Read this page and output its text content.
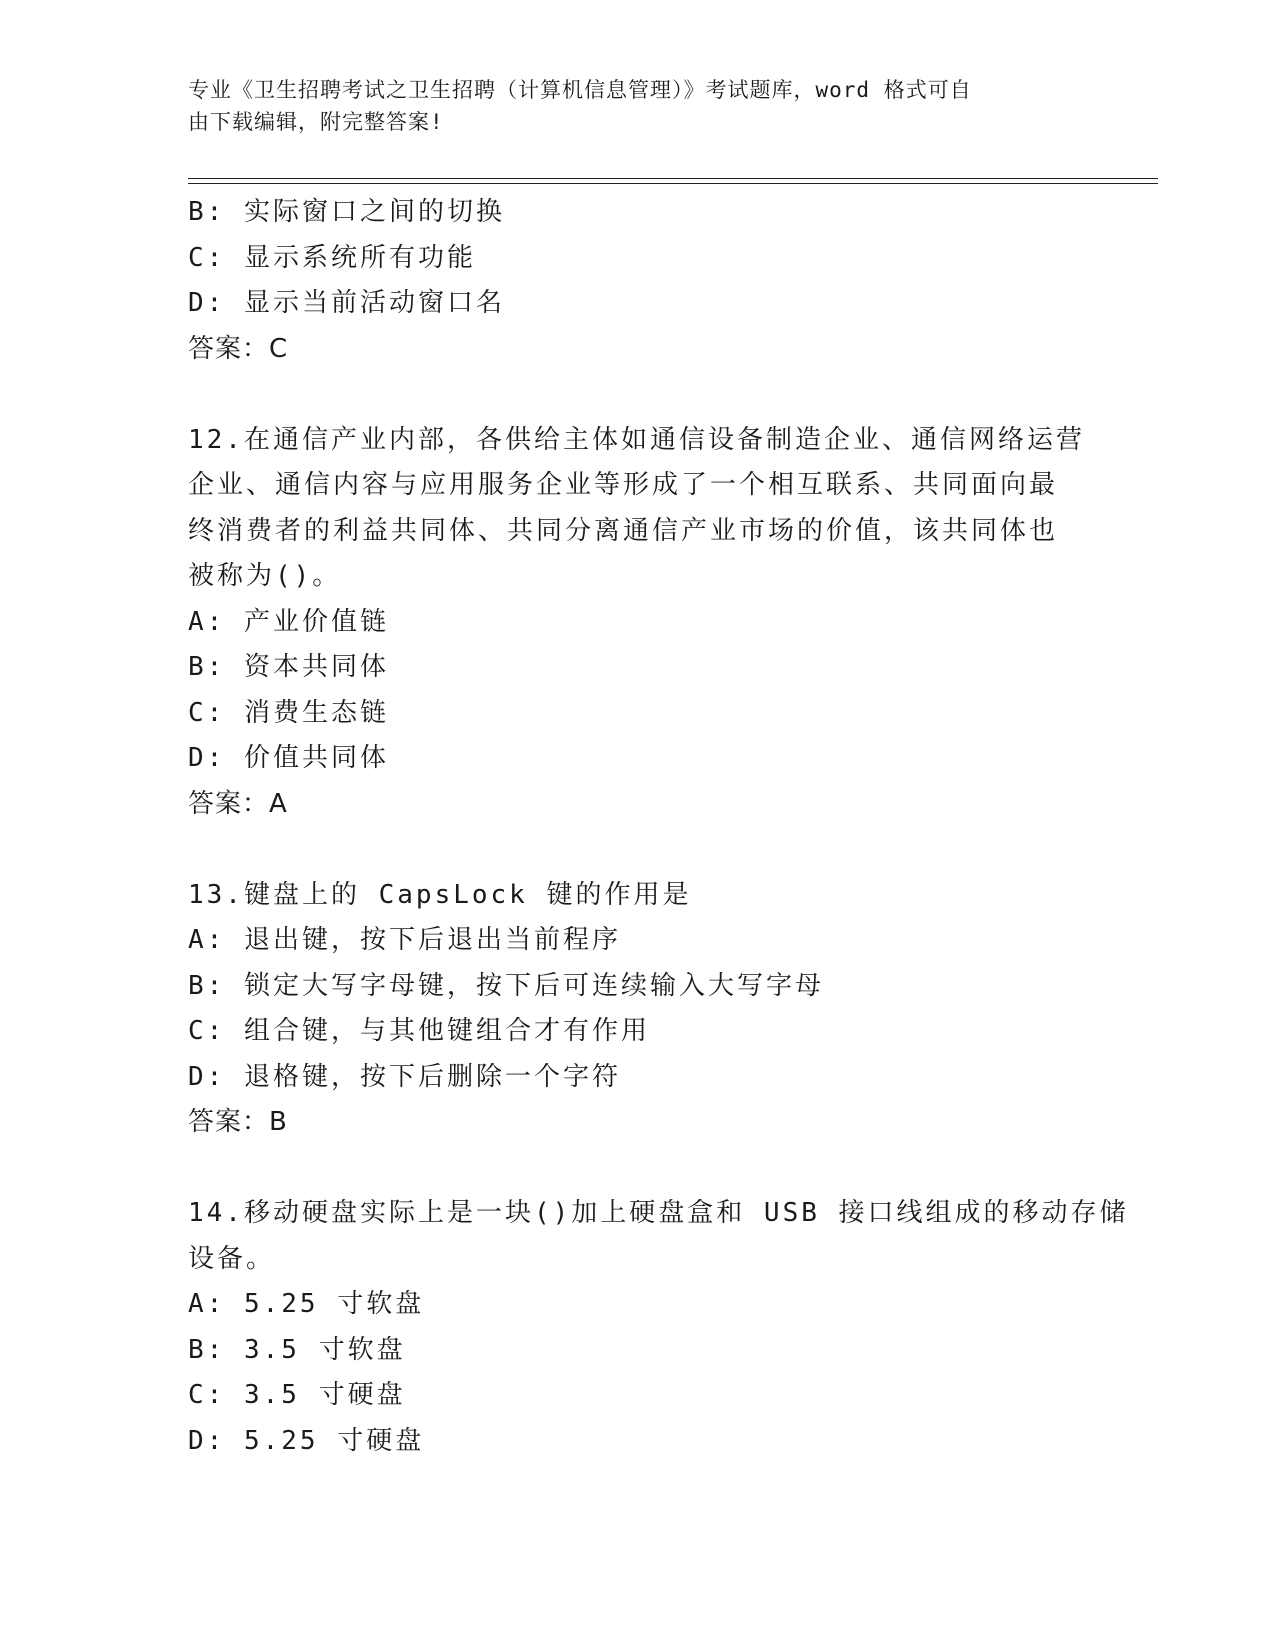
专业《卫生招聘考试之卫生招聘（计算机信息管理）》考试题库，word 格式可自
由下载编辑，附完整答案!
B: 实际窗口之间的切换
C: 显示系统所有功能
D: 显示当前活动窗口名
答案：C
12.在通信产业内部，各供给主体如通信设备制造企业、通信网络运营
企业、通信内容与应用服务企业等形成了一个相互联系、共同面向最
终消费者的利益共同体、共同分离通信产业市场的价值，该共同体也
被称为()。
A: 产业价值链
B: 资本共同体
C: 消费生态链
D: 价值共同体
答案：A
13.键盘上的 CapsLock 键的作用是
A: 退出键，按下后退出当前程序
B: 锁定大写字母键，按下后可连续输入大写字母
C: 组合键，与其他键组合才有作用
D: 退格键，按下后删除一个字符
答案：B
14.移动硬盘实际上是一块()加上硬盘盒和 USB 接口线组成的移动存储
设备。
A: 5.25 寸软盘
B: 3.5 寸软盘
C: 3.5 寸硬盘
D: 5.25 寸硬盘
